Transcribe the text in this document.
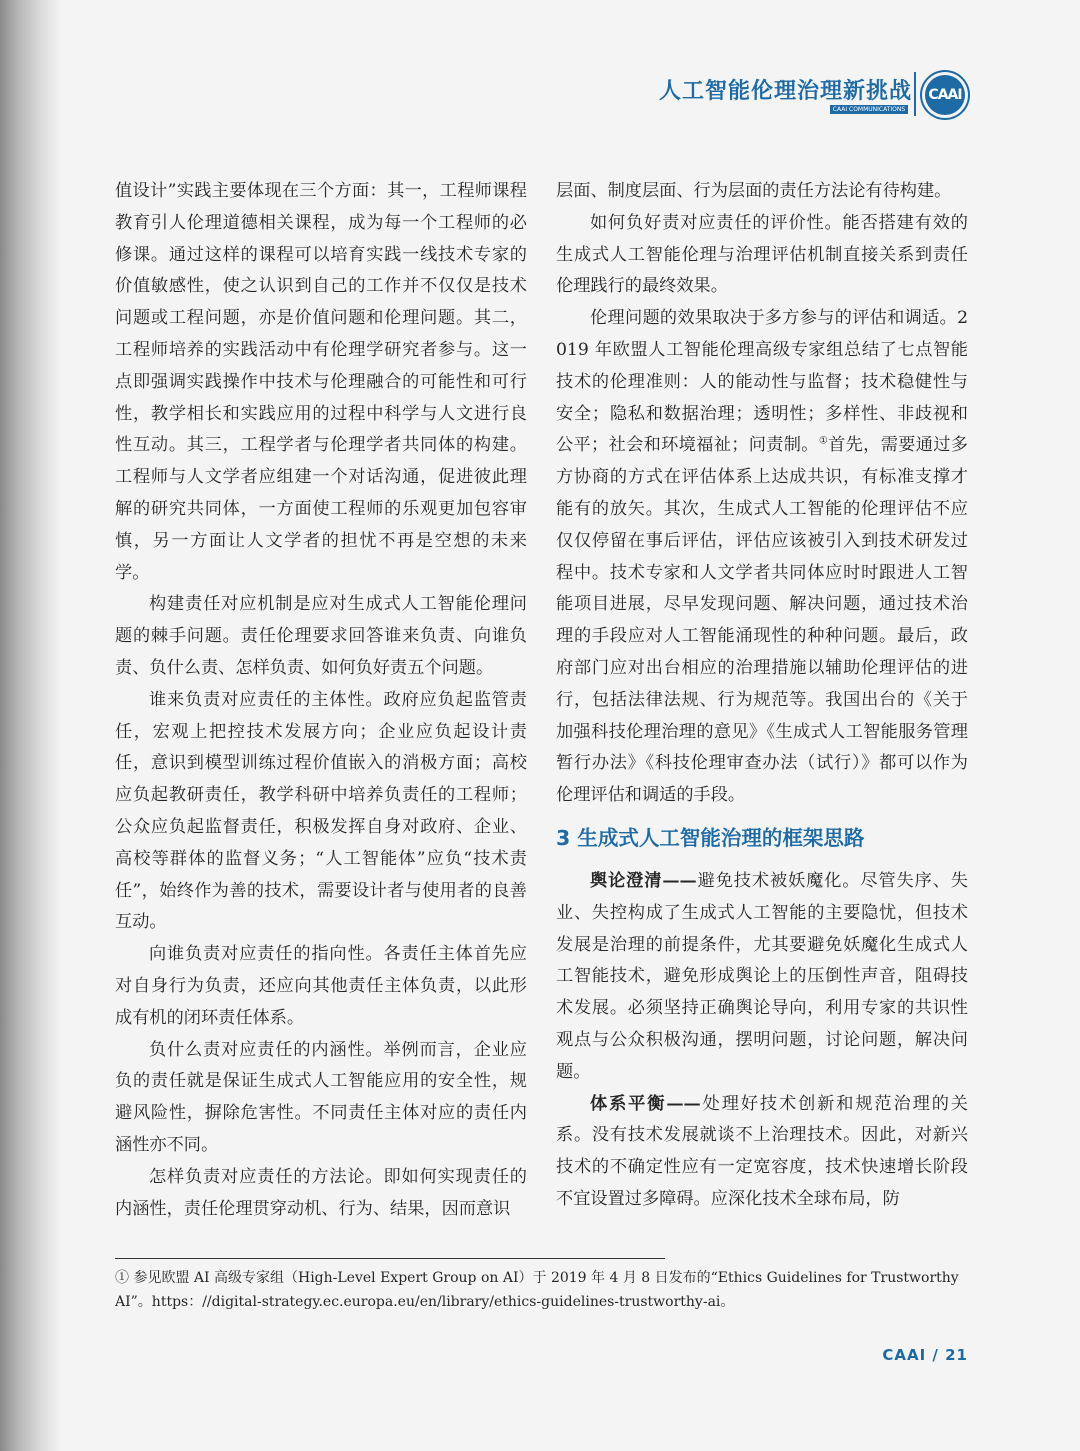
人工智能伦理治理新挑战
CAAI COMMUNICATIONS
CAAI

值设计”实践主要体现在三个方面：其一，工程师课程教育引人伦理道德相关课程，成为每一个工程师的必修课。通过这样的课程可以培育实践一线技术专家的价值敏感性，使之认识到自己的工作并不仅仅是技术问题或工程问题，亦是价值问题和伦理问题。其二，工程师培养的实践活动中有伦理学研究者参与。这一点即强调实践操作中技术与伦理融合的可能性和可行性，教学相长和实践应用的过程中科学与人文进行良性互动。其三，工程学者与伦理学者共同体的构建。工程师与人文学者应组建一个对话沟通，促进彼此理解的研究共同体，一方面使工程师的乐观更加包容审慎，另一方面让人文学者的担忧不再是空想的未来学。

构建责任对应机制是应对生成式人工智能伦理问题的棘手问题。责任伦理要求回答谁来负责、向谁负责、负什么责、怎样负责、如何负好责五个问题。

谁来负责对应责任的主体性。政府应负起监管责任，宏观上把控技术发展方向；企业应负起设计责任，意识到模型训练过程价值嵌入的消极方面；高校应负起教研责任，教学科研中培养负责任的工程师；公众应负起监督责任，积极发挥自身对政府、企业、高校等群体的监督义务；“人工智能体”应负“技术责任”，始终作为善的技术，需要设计者与使用者的良善互动。

向谁负责对应责任的指向性。各责任主体首先应对自身行为负责，还应向其他责任主体负责，以此形成有机的闭环责任体系。

负什么责对应责任的内涵性。举例而言，企业应负的责任就是保证生成式人工智能应用的安全性，规避风险性，摒除危害性。不同责任主体对应的责任内涵性亦不同。

怎样负责对应责任的方法论。即如何实现责任的内涵性，责任伦理贯穿动机、行为、结果，因而意识

层面、制度层面、行为层面的责任方法论有待构建。

如何负好责对应责任的评价性。能否搭建有效的生成式人工智能伦理与治理评估机制直接关系到责任伦理践行的最终效果。

伦理问题的效果取决于多方参与的评估和调适。2019 年欧盟人工智能伦理高级专家组总结了七点智能技术的伦理准则：人的能动性与监督；技术稳健性与安全；隐私和数据治理；透明性；多样性、非歧视和公平；社会和环境福祉；问责制。①首先，需要通过多方协商的方式在评估体系上达成共识，有标准支撑才能有的放矢。其次，生成式人工智能的伦理评估不应仅仅停留在事后评估，评估应该被引入到技术研发过程中。技术专家和人文学者共同体应时时跟进人工智能项目进展，尽早发现问题、解决问题，通过技术治理的手段应对人工智能涌现性的种种问题。最后，政府部门应对出台相应的治理措施以辅助伦理评估的进行，包括法律法规、行为规范等。我国出台的《关于加强科技伦理治理的意见》《生成式人工智能服务管理暂行办法》《科技伦理审查办法（试行）》都可以作为伦理评估和调适的手段。

3 生成式人工智能治理的框架思路

舆论澄清——避免技术被妖魔化。尽管失序、失业、失控构成了生成式人工智能的主要隐忧，但技术发展是治理的前提条件，尤其要避免妖魔化生成式人工智能技术，避免形成舆论上的压倒性声音，阻碍技术发展。必须坚持正确舆论导向，利用专家的共识性观点与公众积极沟通，摆明问题，讨论问题，解决问题。

体系平衡——处理好技术创新和规范治理的关系。没有技术发展就谈不上治理技术。因此，对新兴技术的不确定性应有一定宽容度，技术快速增长阶段不宜设置过多障碍。应深化技术全球布局，防

① 参见欧盟 AI 高级专家组（High-Level Expert Group on AI）于 2019 年 4 月 8 日发布的“Ethics Guidelines for Trustworthy AI”。https：//digital-strategy.ec.europa.eu/en/library/ethics-guidelines-trustworthy-ai。
CAAI / 21
